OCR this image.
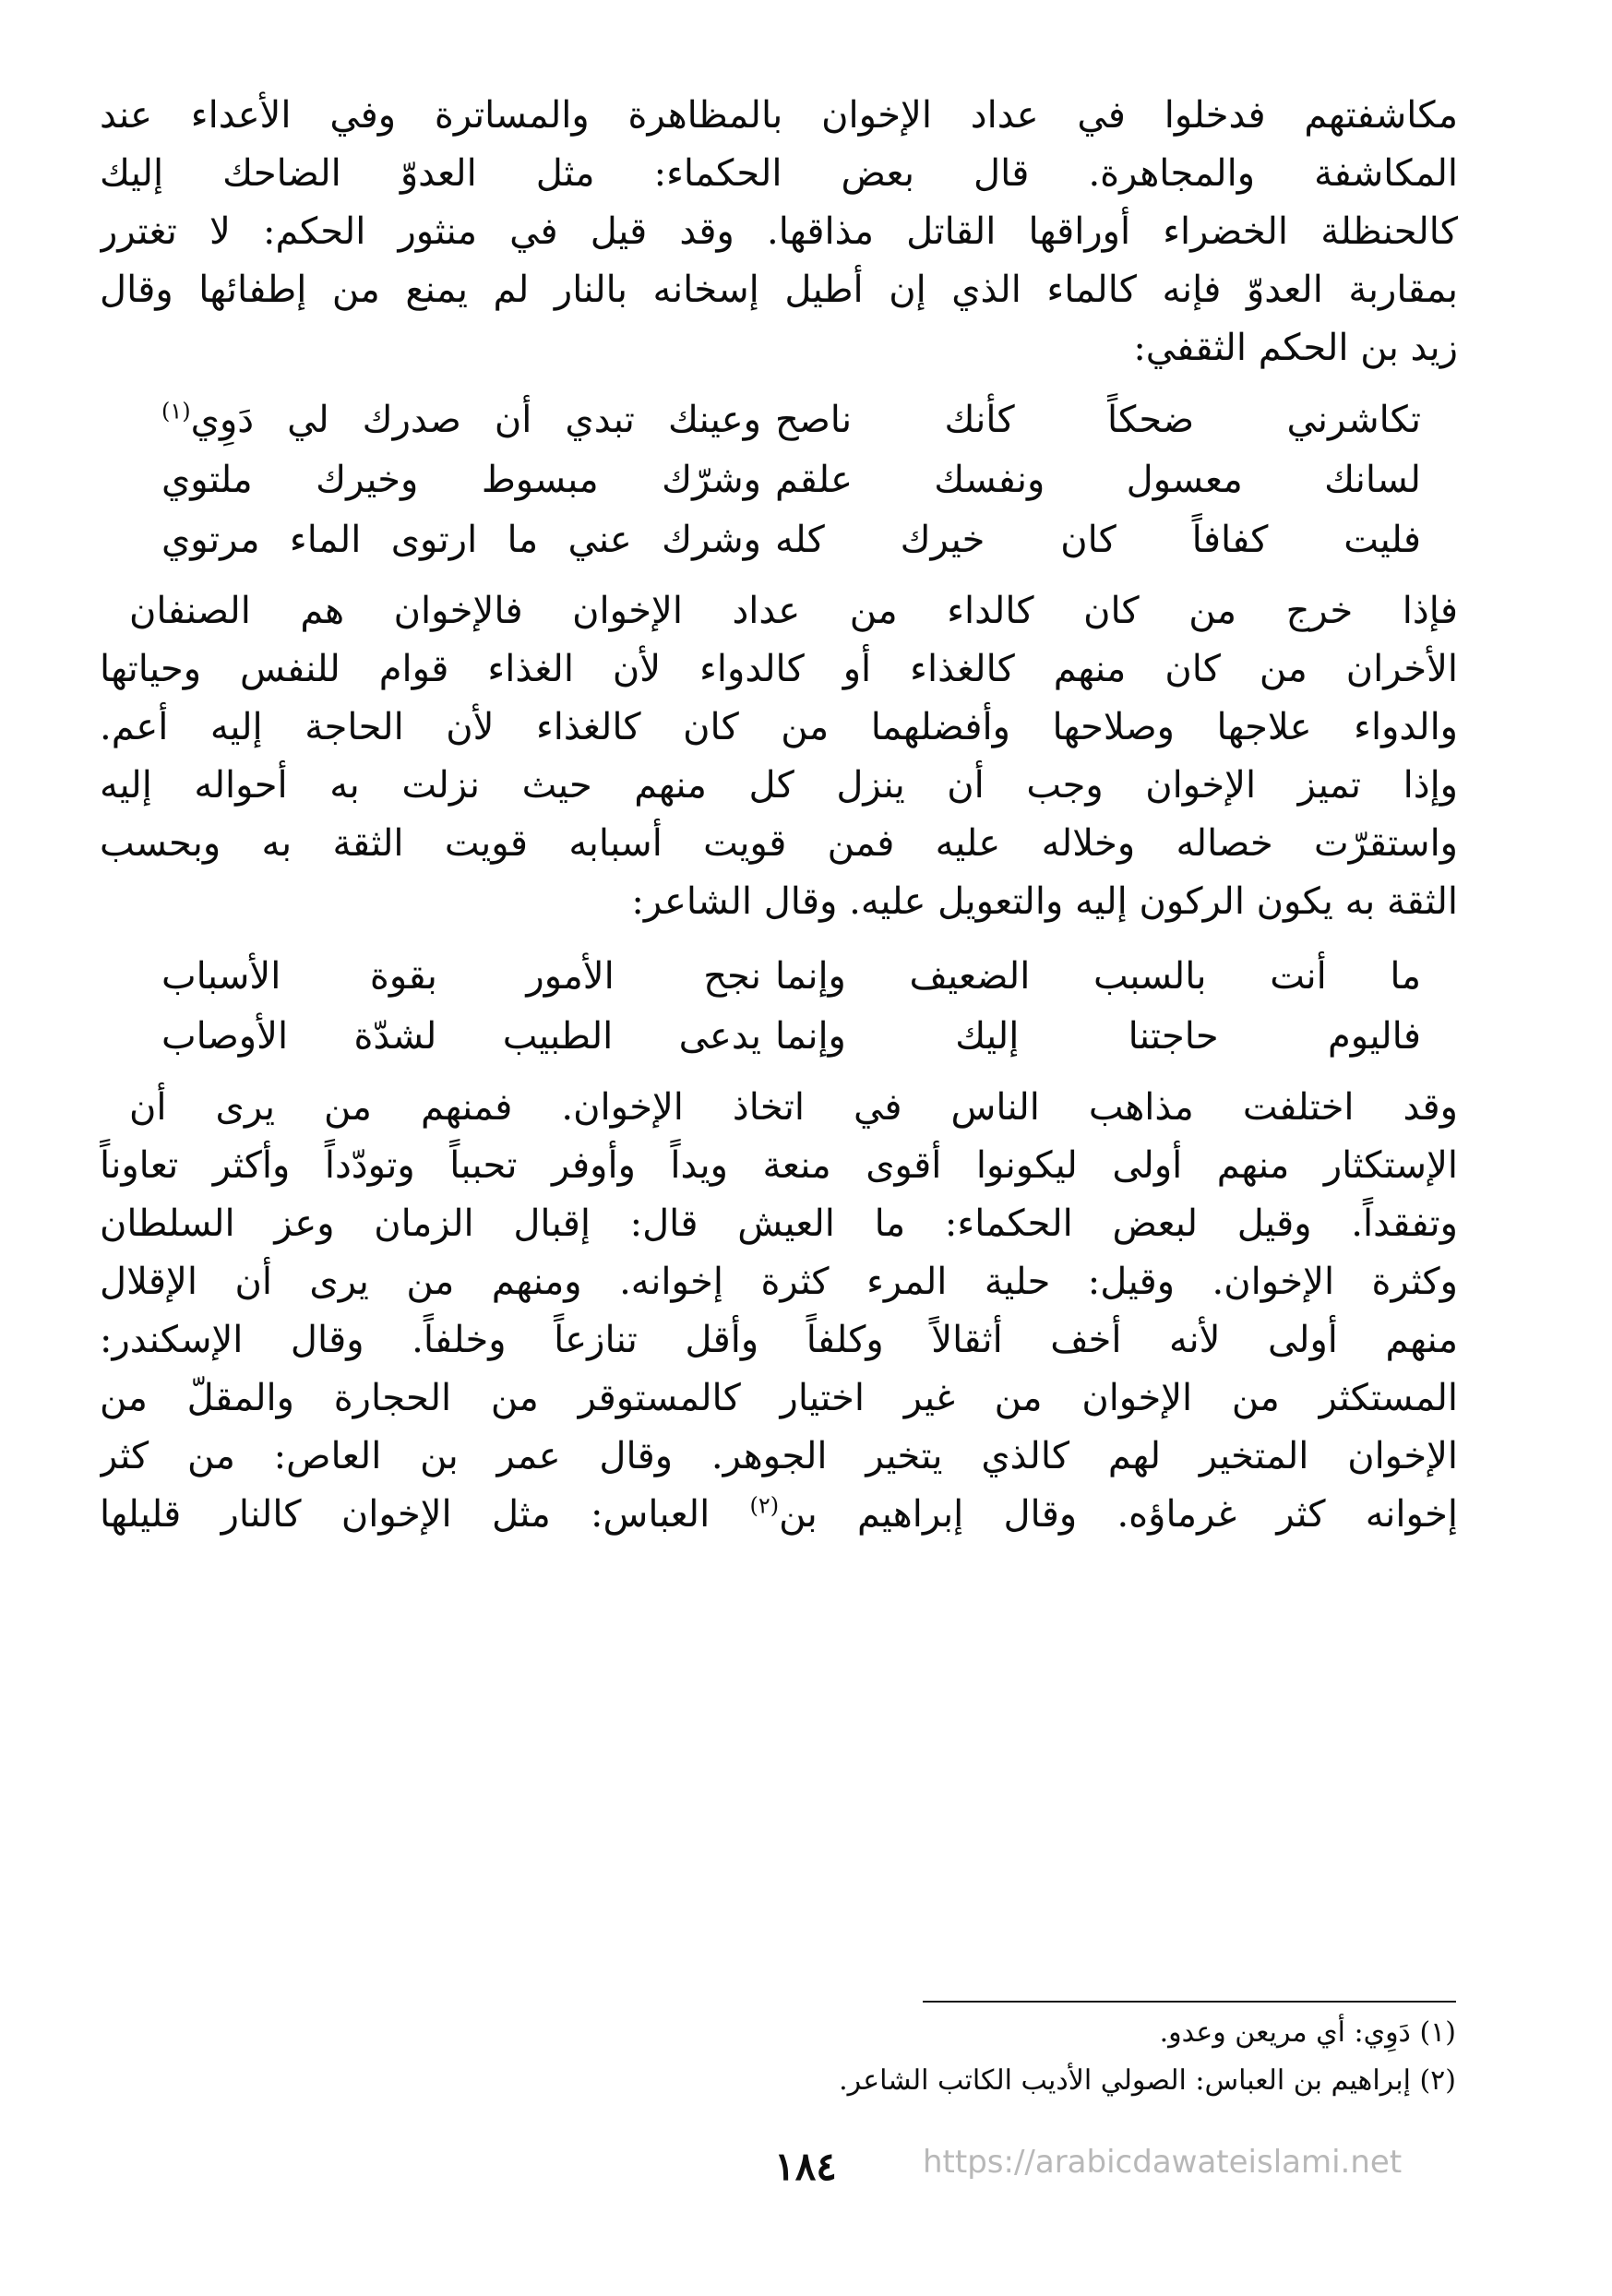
مكاشفتهم فدخلوا في عداد الإخوان بالمظاهرة والمساترة وفي الأعداء عند
المكاشفة والمجاهرة. قال بعض الحكماء: مثل العدوّ الضاحك إليك
كالحنظلة الخضراء أوراقها القاتل مذاقها. وقد قيل في منثور الحكم: لا تغترر
بمقاربة العدوّ فإنه كالماء الذي إن أطيل إسخانه بالنار لم يمنع من إطفائها وقال
زيد بن الحكم الثقفي:
تكاشرني ضحكاً كأنك ناصح
وعينك تبدي أن صدرك لي دَوِي$^{(١)}$
لسانك معسول ونفسك علقم
وشرّك مبسوط وخيرك ملتوي
فليت كفافاً كان خيرك كله
وشرك عني ما ارتوى الماء مرتوي
فإذا خرج من كان كالداء من عداد الإخوان فالإخوان هم الصنفان
الأخران من كان منهم كالغذاء أو كالدواء لأن الغذاء قوام للنفس وحياتها
والدواء علاجها وصلاحها وأفضلهما من كان كالغذاء لأن الحاجة إليه أعم.
وإذا تميز الإخوان وجب أن ينزل كل منهم حيث نزلت به أحواله إليه
واستقرّت خصاله وخلاله عليه فمن قويت أسبابه قويت الثقة به وبحسب
الثقة به يكون الركون إليه والتعويل عليه. وقال الشاعر:
ما أنت بالسبب الضعيف وإنما
نجح الأمور بقوة الأسباب
فاليوم حاجتنا إليك وإنما
يدعى الطبيب لشدّة الأوصاب
وقد اختلفت مذاهب الناس في اتخاذ الإخوان. فمنهم من يرى أن
الإستكثار منهم أولى ليكونوا أقوى منعة ويداً وأوفر تحبباً وتودّداً وأكثر تعاوناً
وتفقداً. وقيل لبعض الحكماء: ما العيش قال: إقبال الزمان وعز السلطان
وكثرة الإخوان. وقيل: حلية المرء كثرة إخوانه. ومنهم من يرى أن الإقلال
منهم أولى لأنه أخف أثقالاً وكلفاً وأقل تنازعاً وخلفاً. وقال الإسكندر:
المستكثر من الإخوان من غير اختيار كالمستوقر من الحجارة والمقلّ من
الإخوان المتخير لهم كالذي يتخير الجوهر. وقال عمر بن العاص: من كثر
إخوانه كثر غرماؤه. وقال إبراهيم بن$^{(٢)}$ العباس: مثل الإخوان كالنار قليلها
(١) دَوِي: أي مريعن وعدو.
(٢) إبراهيم بن العباس: الصولي الأديب الكاتب الشاعر.
https://arabicdawateislami.net
١٨٤
